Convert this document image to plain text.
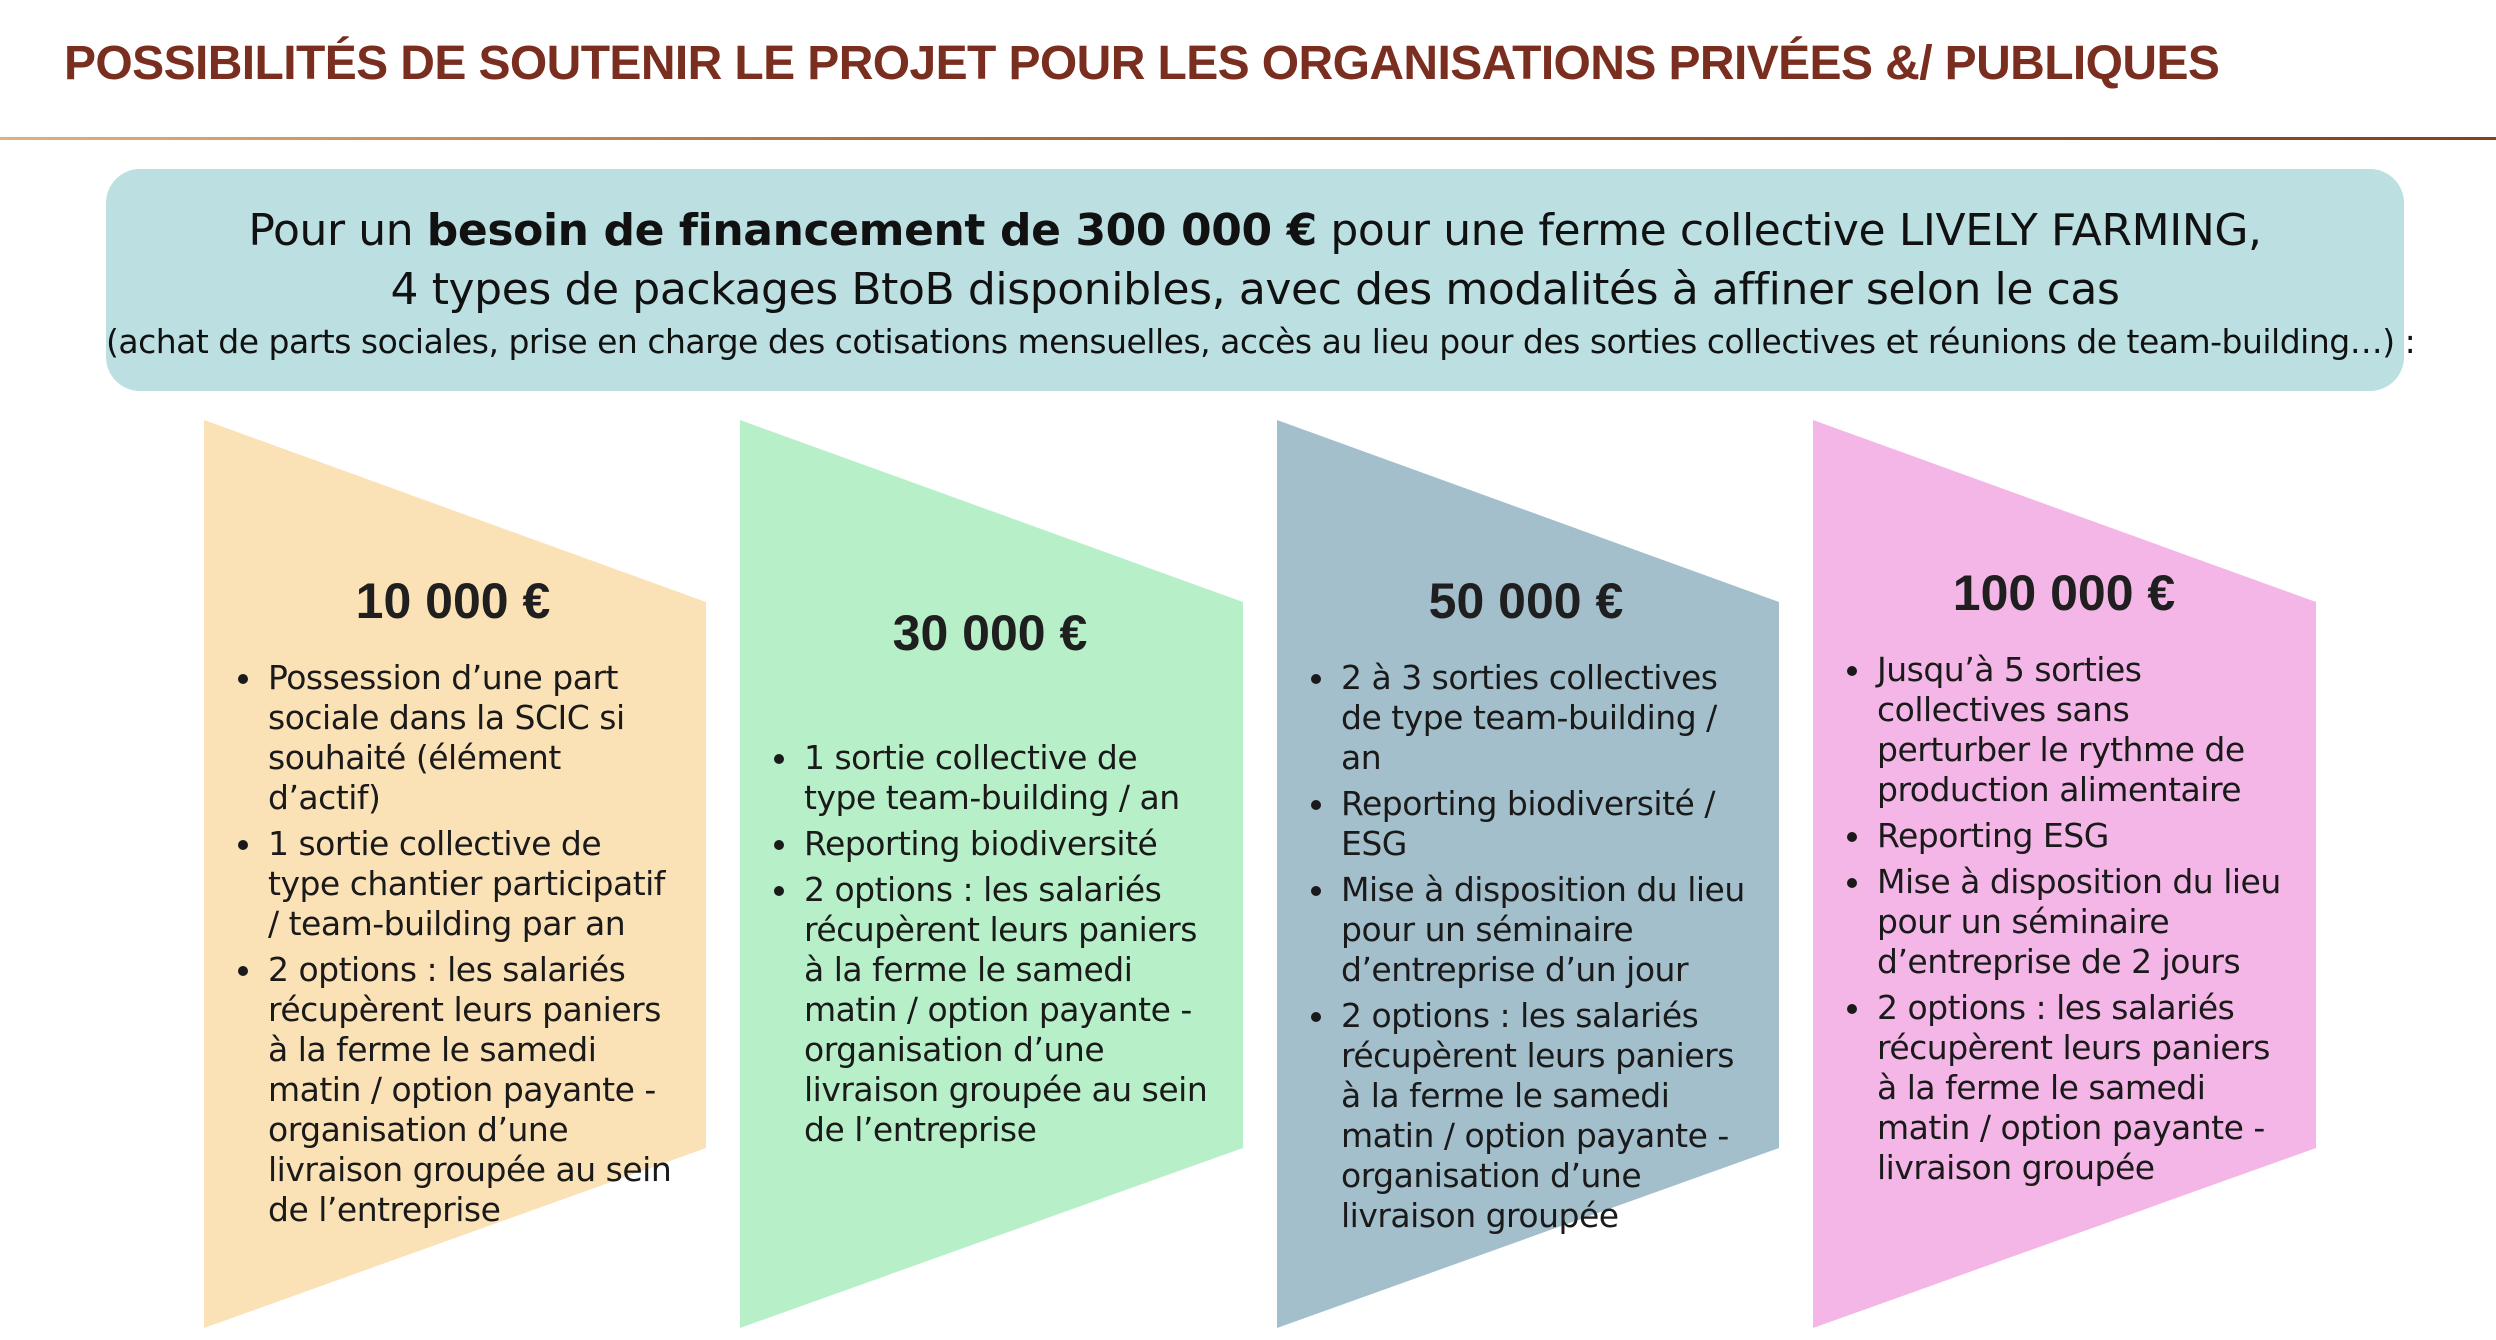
POSSIBILITÉS DE SOUTENIR LE PROJET POUR LES ORGANISATIONS PRIVÉES &/ PUBLIQUES
Pour un besoin de financement de 300 000 € pour une ferme collective LIVELY FARMING,
4 types de packages BtoB disponibles, avec des modalités à affiner selon le cas
(achat de parts sociales, prise en charge des cotisations mensuelles, accès au lieu pour des sorties collectives et réunions de team-building…) :
10 000 €
Possession d’une part sociale dans la SCIC si souhaité (élément d’actif)
1 sortie collective de type chantier participatif / team-building par an
2 options : les salariés récupèrent leurs paniers à la ferme le samedi matin / option payante - organisation d’une livraison groupée au sein de l’entreprise
30 000 €
1 sortie collective de type team-building / an
Reporting biodiversité
2 options : les salariés récupèrent leurs paniers à la ferme le samedi matin / option payante - organisation d’une livraison groupée au sein de l’entreprise
50 000 €
2 à 3 sorties collectives de type team-building / an
Reporting biodiversité / ESG
Mise à disposition du lieu pour un séminaire d’entreprise d’un jour
2 options : les salariés récupèrent leurs paniers à la ferme le samedi matin / option payante - organisation d’une livraison groupée
100 000 €
Jusqu’à 5 sorties collectives sans perturber le rythme de production alimentaire
Reporting ESG
Mise à disposition du lieu pour un séminaire d’entreprise de 2 jours
2 options : les salariés récupèrent leurs paniers à la ferme le samedi matin / option payante - livraison groupée
